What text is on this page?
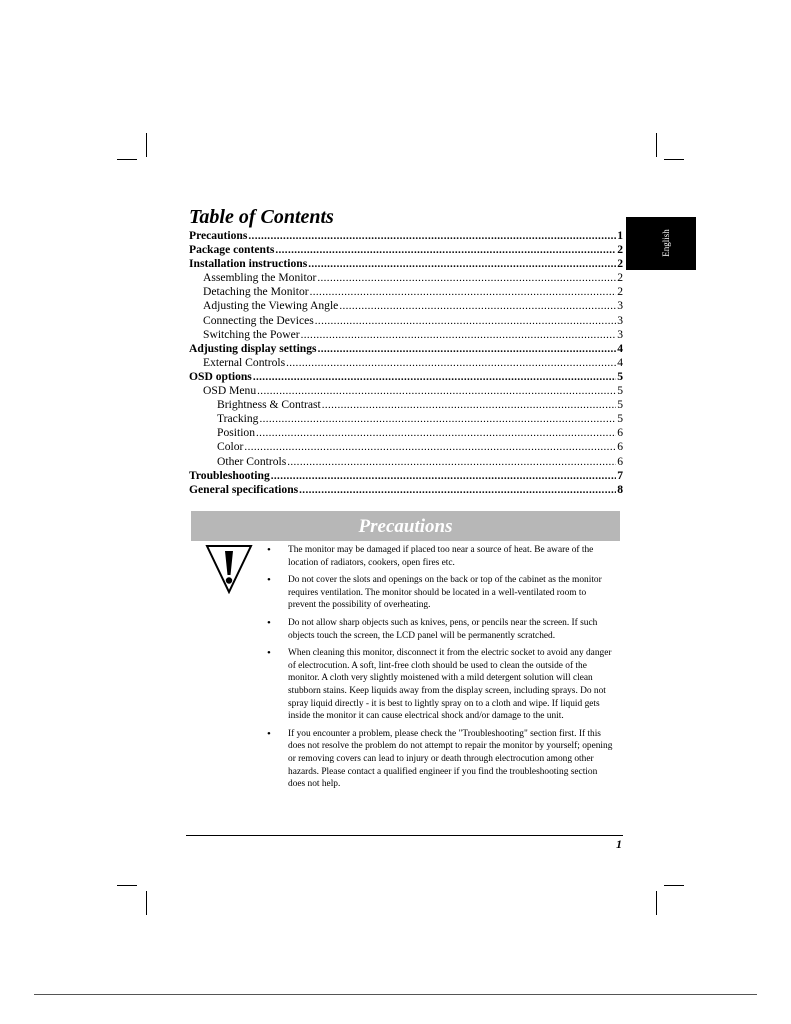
English
Table of Contents
Precautions .....	1
Package contents .....	2
Installation instructions .....	2
Assembling the Monitor .....	2
Detaching the Monitor .....	2
Adjusting the Viewing Angle .....	3
Connecting the Devices .....	3
Switching the Power .....	3
Adjusting display settings .....	4
External Controls .....	4
OSD options .....	5
OSD Menu .....	5
Brightness & Contrast .....	5
Tracking .....	5
Position .....	6
Color .....	6
Other Controls .....	6
Troubleshooting .....	7
General specifications .....	8
Precautions
• The monitor may be damaged if placed too near a source of heat. Be aware of the location of radiators, cookers, open fires etc.
• Do not cover the slots and openings on the back or top of the cabinet as the monitor requires ventilation. The monitor should be located in a well-ventilated room to prevent the possibility of overheating.
• Do not allow sharp objects such as knives, pens, or pencils near the screen. If such objects touch the screen, the LCD panel will be permanently scratched.
• When cleaning this monitor, disconnect it from the electric socket to avoid any danger of electrocution. A soft, lint-free cloth should be used to clean the outside of the monitor. A cloth very slightly moistened with a mild detergent solution will clean stubborn stains. Keep liquids away from the display screen, including sprays. Do not spray liquid directly - it is best to lightly spray on to a cloth and wipe. If liquid gets inside the monitor it can cause electrical shock and/or damage to the unit.
• If you encounter a problem, please check the "Troubleshooting" section first. If this does not resolve the problem do not attempt to repair the monitor by yourself; opening or removing covers can lead to injury or death through electrocution among other hazards. Please contact a qualified engineer if you find the troubleshooting section does not help.
1
